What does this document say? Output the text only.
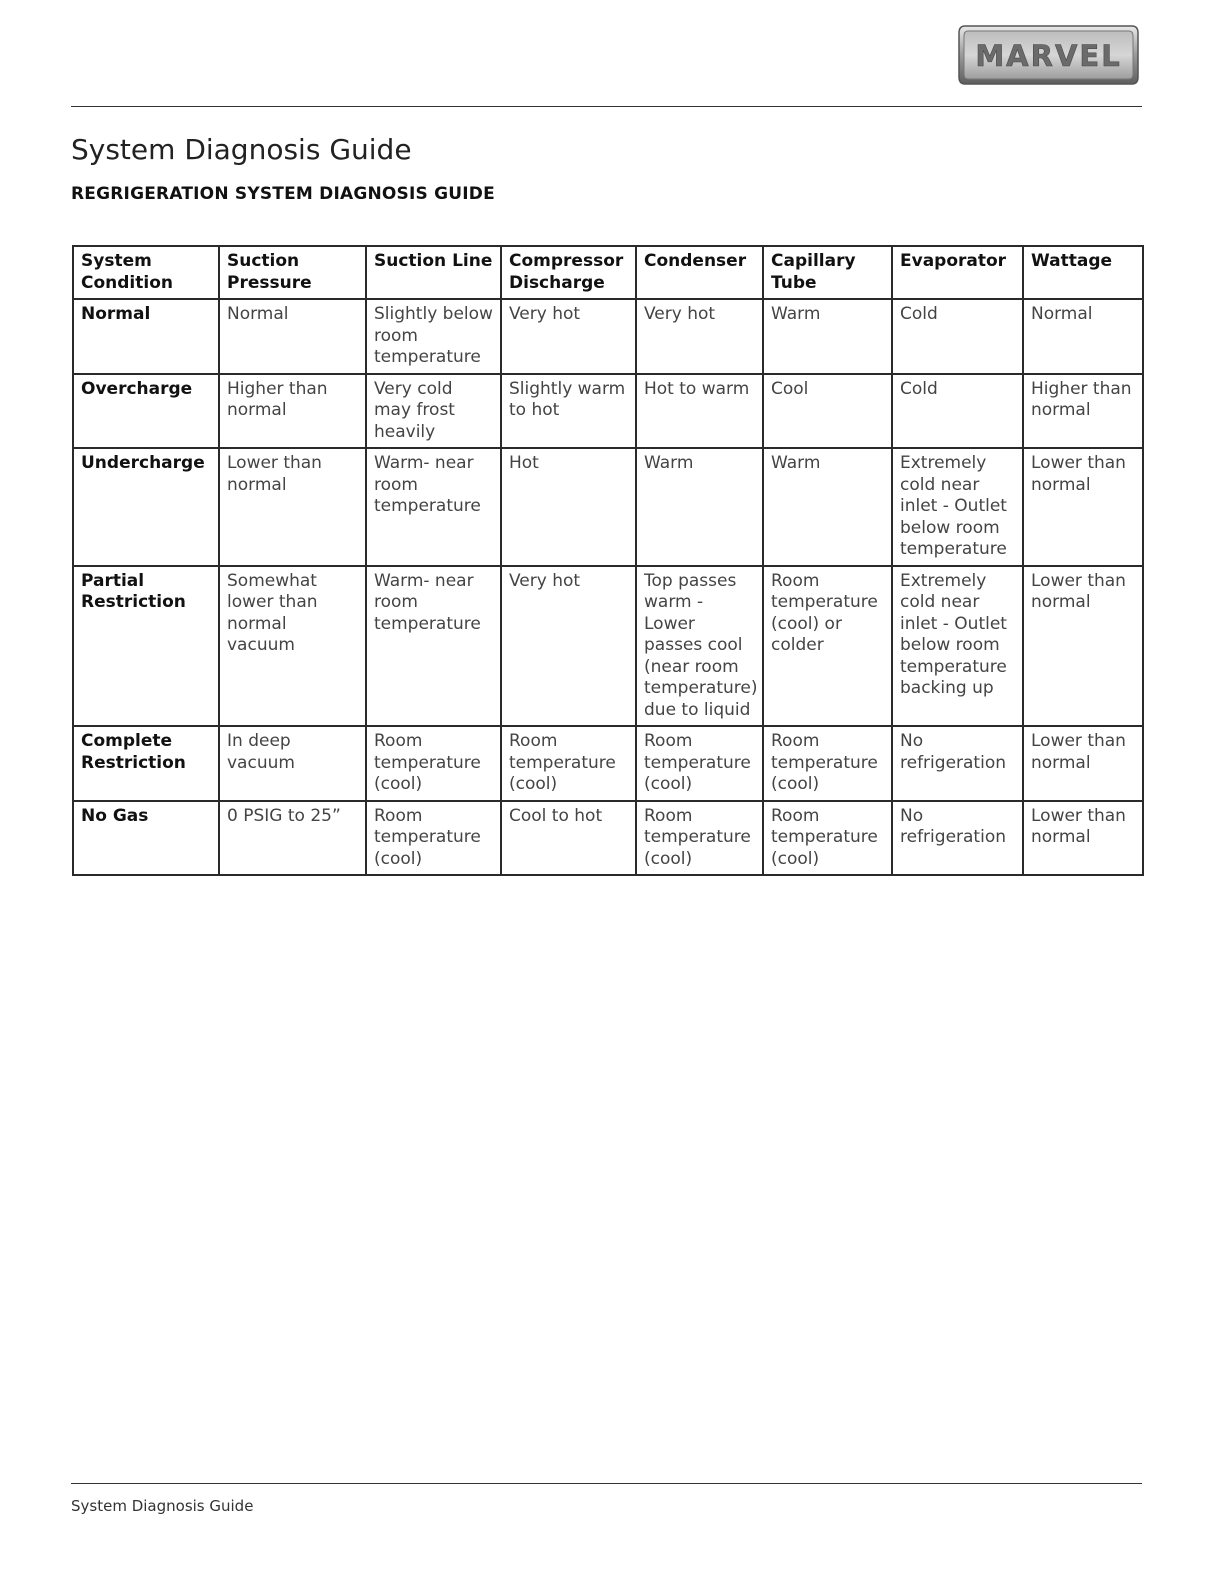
MARVEL
System Diagnosis Guide
REGRIGERATION SYSTEM DIAGNOSIS GUIDE
System Condition	Suction Pressure	Suction Line	Compressor Discharge	Condenser	Capillary Tube	Evaporator	Wattage
Normal	Normal	Slightly below room temperature	Very hot	Very hot	Warm	Cold	Normal
Overcharge	Higher than normal	Very cold may frost heavily	Slightly warm to hot	Hot to warm	Cool	Cold	Higher than normal
Undercharge	Lower than normal	Warm- near room temperature	Hot	Warm	Warm	Extremely cold near inlet - Outlet below room temperature	Lower than normal
Partial Restriction	Somewhat lower than normal vacuum	Warm- near room temperature	Very hot	Top passes warm - Lower passes cool (near room temperature) due to liquid	Room temperature (cool) or colder	Extremely cold near inlet - Outlet below room temperature backing up	Lower than normal
Complete Restriction	In deep vacuum	Room temperature (cool)	Room temperature (cool)	Room temperature (cool)	Room temperature (cool)	No refrigeration	Lower than normal
No Gas	0 PSIG to 25”	Room temperature (cool)	Cool to hot	Room temperature (cool)	Room temperature (cool)	No refrigeration	Lower than normal
System Diagnosis Guide
